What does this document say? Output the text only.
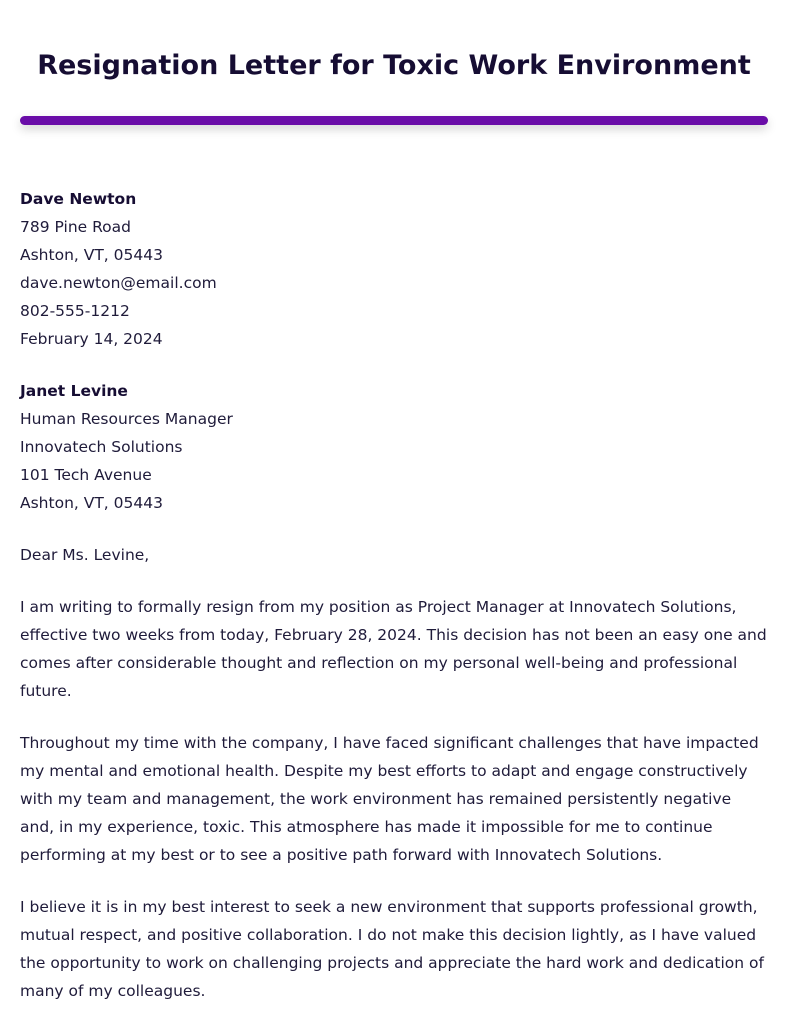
Resignation Letter for Toxic Work Environment
Dave Newton
789 Pine Road
Ashton, VT, 05443
dave.newton@email.com
802-555-1212
February 14, 2024
Janet Levine
Human Resources Manager
Innovatech Solutions
101 Tech Avenue
Ashton, VT, 05443

Dear Ms. Levine,

I am writing to formally resign from my position as Project Manager at Innovatech Solutions, effective two weeks from today, February 28, 2024. This decision has not been an easy one and comes after considerable thought and reflection on my personal well-being and professional future.

Throughout my time with the company, I have faced significant challenges that have impacted my mental and emotional health. Despite my best efforts to adapt and engage constructively with my team and management, the work environment has remained persistently negative and, in my experience, toxic. This atmosphere has made it impossible for me to continue performing at my best or to see a positive path forward with Innovatech Solutions.

I believe it is in my best interest to seek a new environment that supports professional growth, mutual respect, and positive collaboration. I do not make this decision lightly, as I have valued the opportunity to work on challenging projects and appreciate the hard work and dedication of many of my colleagues.
